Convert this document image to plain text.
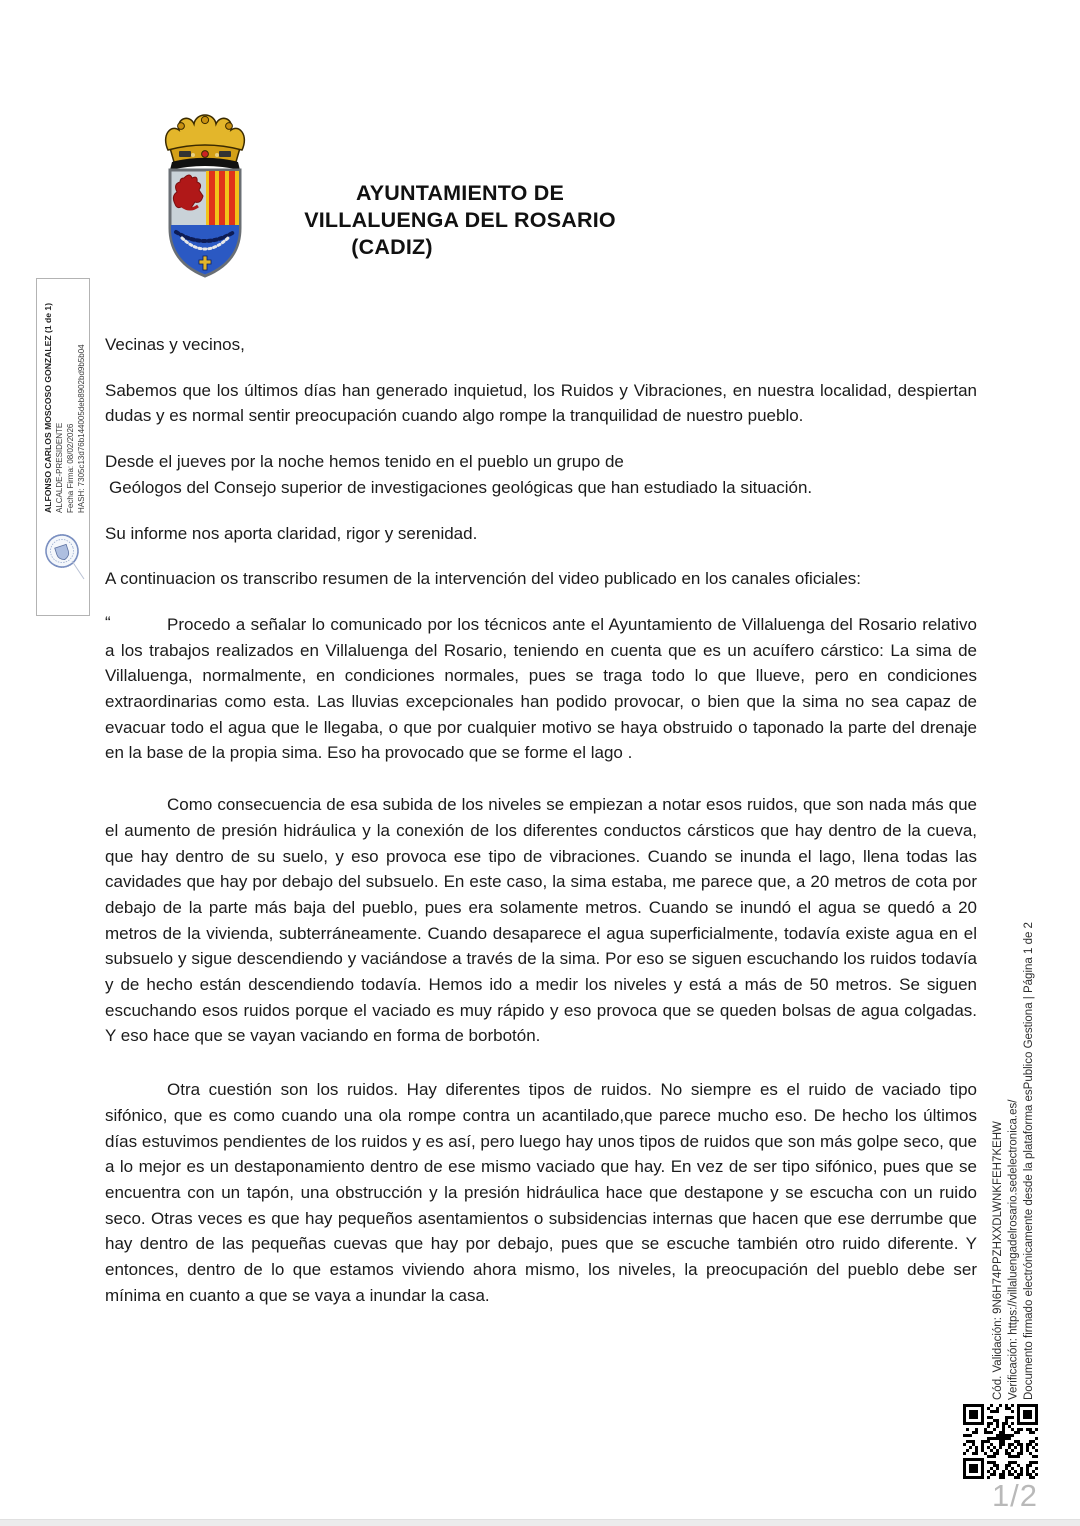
AYUNTAMIENTO DE
VILLALUENGA DEL ROSARIO
(CADIZ)
ALFONSO CARLOS MOSCOSO GONZALEZ (1 de 1) ALCALDE-PRESIDENTE Fecha Firma: 08/02/2026 HASH: 7305c13d76b144005deb8902bd9b5b04 Vecinas y vecinos,

Sabemos que los últimos días han generado inquietud, los Ruidos y Vibraciones, en nuestra localidad, despiertan dudas y es normal sentir preocupación cuando algo rompe la tranquilidad de nuestro pueblo.

Desde el jueves por la noche hemos tenido en el pueblo un grupo de
Geólogos del Consejo superior de investigaciones geológicas que han estudiado la situación.

Su informe nos aporta claridad, rigor y serenidad.

A continuacion os transcribo resumen de la intervención del video publicado en los canales oficiales:

“	Procedo a señalar lo comunicado por los técnicos ante el Ayuntamiento de Villaluenga del Rosario relativo a los trabajos realizados en Villaluenga del Rosario, teniendo en cuenta que es un acuífero cárstico: La sima de Villaluenga, normalmente, en condiciones normales, pues se traga todo lo que llueve, pero en condiciones extraordinarias como esta. Las lluvias excepcionales han podido provocar, o bien que la sima no sea capaz de evacuar todo el agua que le llegaba, o que por cualquier motivo se haya obstruido o taponado la parte del drenaje en la base de la propia sima. Eso ha provocado que se forme el lago .

Como consecuencia de esa subida de los niveles se empiezan a notar esos ruidos, que son nada más que el aumento de presión hidráulica y la conexión de los diferentes conductos cársticos que hay dentro de la cueva, que hay dentro de su suelo, y eso provoca ese tipo de vibraciones. Cuando se inunda el lago, llena todas las cavidades que hay por debajo del subsuelo. En este caso, la sima estaba, me parece que, a 20 metros de cota por debajo de la parte más baja del pueblo, pues era solamente metros. Cuando se inundó el agua se quedó a 20 metros de la vivienda, subterráneamente. Cuando desaparece el agua superficialmente, todavía existe agua en el subsuelo y sigue descendiendo y vaciándose a través de la sima. Por eso se siguen escuchando los ruidos todavía y de hecho están descendiendo todavía. Hemos ido a medir los niveles y está a más de 50 metros. Se siguen escuchando esos ruidos porque el vaciado es muy rápido y eso provoca que se queden bolsas de agua colgadas. Y eso hace que se vayan vaciando en forma de borbotón.

Otra cuestión son los ruidos. Hay diferentes tipos de ruidos. No siempre es el ruido de vaciado tipo sifónico, que es como cuando una ola rompe contra un acantilado,que parece mucho eso. De hecho los últimos días estuvimos pendientes de los ruidos y es así, pero luego hay unos tipos de ruidos que son más golpe seco, que a lo mejor es un destaponamiento dentro de ese mismo vaciado que hay. En vez de ser tipo sifónico, pues que se encuentra con un tapón, una obstrucción y la presión hidráulica hace que destapone y se escucha con un ruido seco. Otras veces es que hay pequeños asentamientos o subsidencias internas que hacen que ese derrumbe que hay dentro de las pequeñas cuevas que hay por debajo, pues que se escuche también otro ruido diferente. Y entonces, dentro de lo que estamos viviendo ahora mismo, los niveles, la preocupación del pueblo debe ser mínima en cuanto a que se vaya a inundar la casa.	Cód. Validación: 9N6H74PPZHXXDLWNKFEH7KEHW Verificación: https://villaluengadelrosario.sedelectronica.es/ Documento firmado electrónicamente desde la plataforma esPublico Gestiona | Página 1 de 2
1/2
